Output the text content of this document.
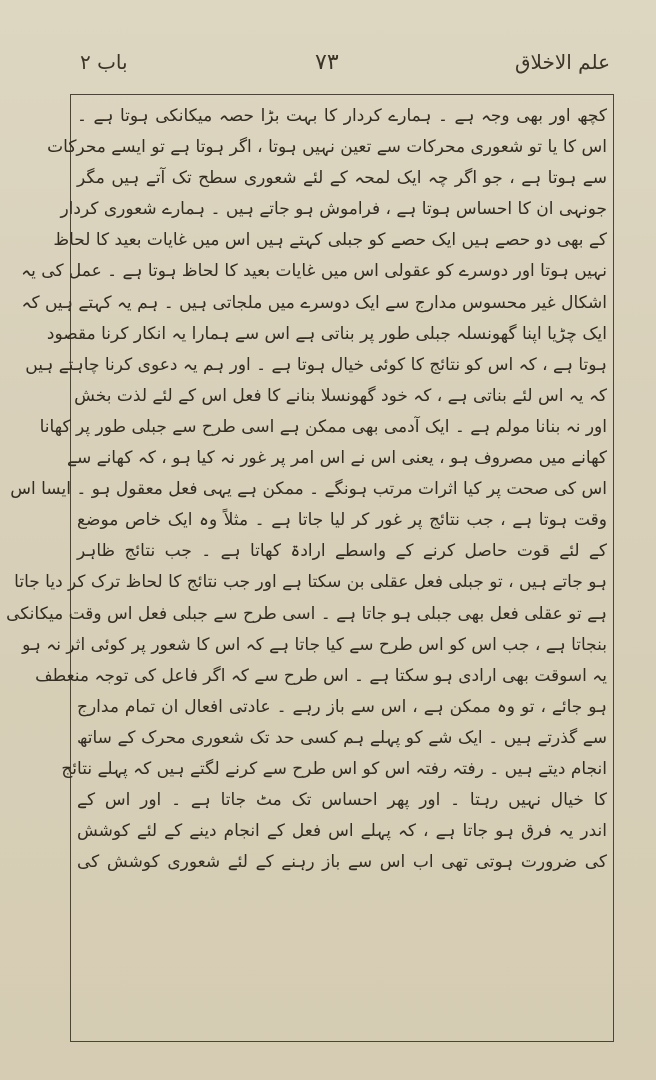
باب ۲	۷۳	علم الاخلاق
کچھ اور بھی وجہ ہے ۔ ہمارے کردار کا بہت بڑا حصہ میکانکی ہوتا ہے ۔
اس کا یا تو شعوری محرکات سے تعین نہیں ہوتا ، اگر ہوتا ہے تو ایسے محرکات
سے ہوتا ہے ، جو اگر چہ ایک لمحہ کے لئے شعوری سطح تک آتے ہیں مگر
جونہی ان کا احساس ہوتا ہے ، فراموش ہو جاتے ہیں ۔ ہمارے شعوری کردار
کے بھی دو حصے ہیں ایک حصے کو جبلی کہتے ہیں اس میں غایات بعید کا لحاظ
نہیں ہوتا اور دوسرے کو عقولی اس میں غایات بعید کا لحاظ ہوتا ہے ۔ عمل کی یہ
اشکال غیر محسوس مدارج سے ایک دوسرے میں ملجاتی ہیں ۔ ہم یہ کہتے ہیں کہ
ایک چڑیا اپنا گھونسلہ جبلی طور پر بناتی ہے اس سے ہمارا یہ انکار کرنا مقصود
ہوتا ہے ، کہ اس کو نتائج کا کوئی خیال ہوتا ہے ۔ اور ہم یہ دعوی کرنا چاہتے ہیں
کہ یہ اس لئے بناتی ہے ، کہ خود گھونسلا بنانے کا فعل اس کے لئے لذت بخش
اور نہ بنانا مولم ہے ۔ ایک آدمی بھی ممکن ہے اسی طرح سے جبلی طور پر کھانا
کھانے میں مصروف ہو ، یعنی اس نے اس امر پر غور نہ کیا ہو ، کہ کھانے سے
اس کی صحت پر کیا اثرات مرتب ہونگے ۔ ممکن ہے یہی فعل معقول ہو ۔ ایسا اس
وقت ہوتا ہے ، جب نتائج پر غور کر لیا جاتا ہے ۔ مثلاً وہ ایک خاص موضع
کے لئے قوت حاصل کرنے کے واسطے ارادۃ کھاتا ہے ۔ جب نتائج ظاہر
ہو جاتے ہیں ، تو جبلی فعل عقلی بن سکتا ہے اور جب نتائج کا لحاظ ترک کر دیا جاتا
ہے تو عقلی فعل بھی جبلی ہو جاتا ہے ۔ اسی طرح سے جبلی فعل اس وقت میکانکی
بنجاتا ہے ، جب اس کو اس طرح سے کیا جاتا ہے کہ اس کا شعور پر کوئی اثر نہ ہو
یہ اسوقت بھی ارادی ہو سکتا ہے ۔ اس طرح سے کہ اگر فاعل کی توجہ منعطف
ہو جائے ، تو وہ ممکن ہے ، اس سے باز رہے ۔ عادتی افعال ان تمام مدارج
سے گذرتے ہیں ۔ ایک شے کو پہلے ہم کسی حد تک شعوری محرک کے ساتھ
انجام دیتے ہیں ۔ رفتہ رفتہ اس کو اس طرح سے کرنے لگتے ہیں کہ پہلے نتائج
کا خیال نہیں رہتا ۔ اور پھر احساس تک مٹ جاتا ہے ۔ اور اس کے
اندر یہ فرق ہو جاتا ہے ، کہ پہلے اس فعل کے انجام دینے کے لئے کوشش
کی ضرورت ہوتی تھی اب اس سے باز رہنے کے لئے شعوری کوشش کی
